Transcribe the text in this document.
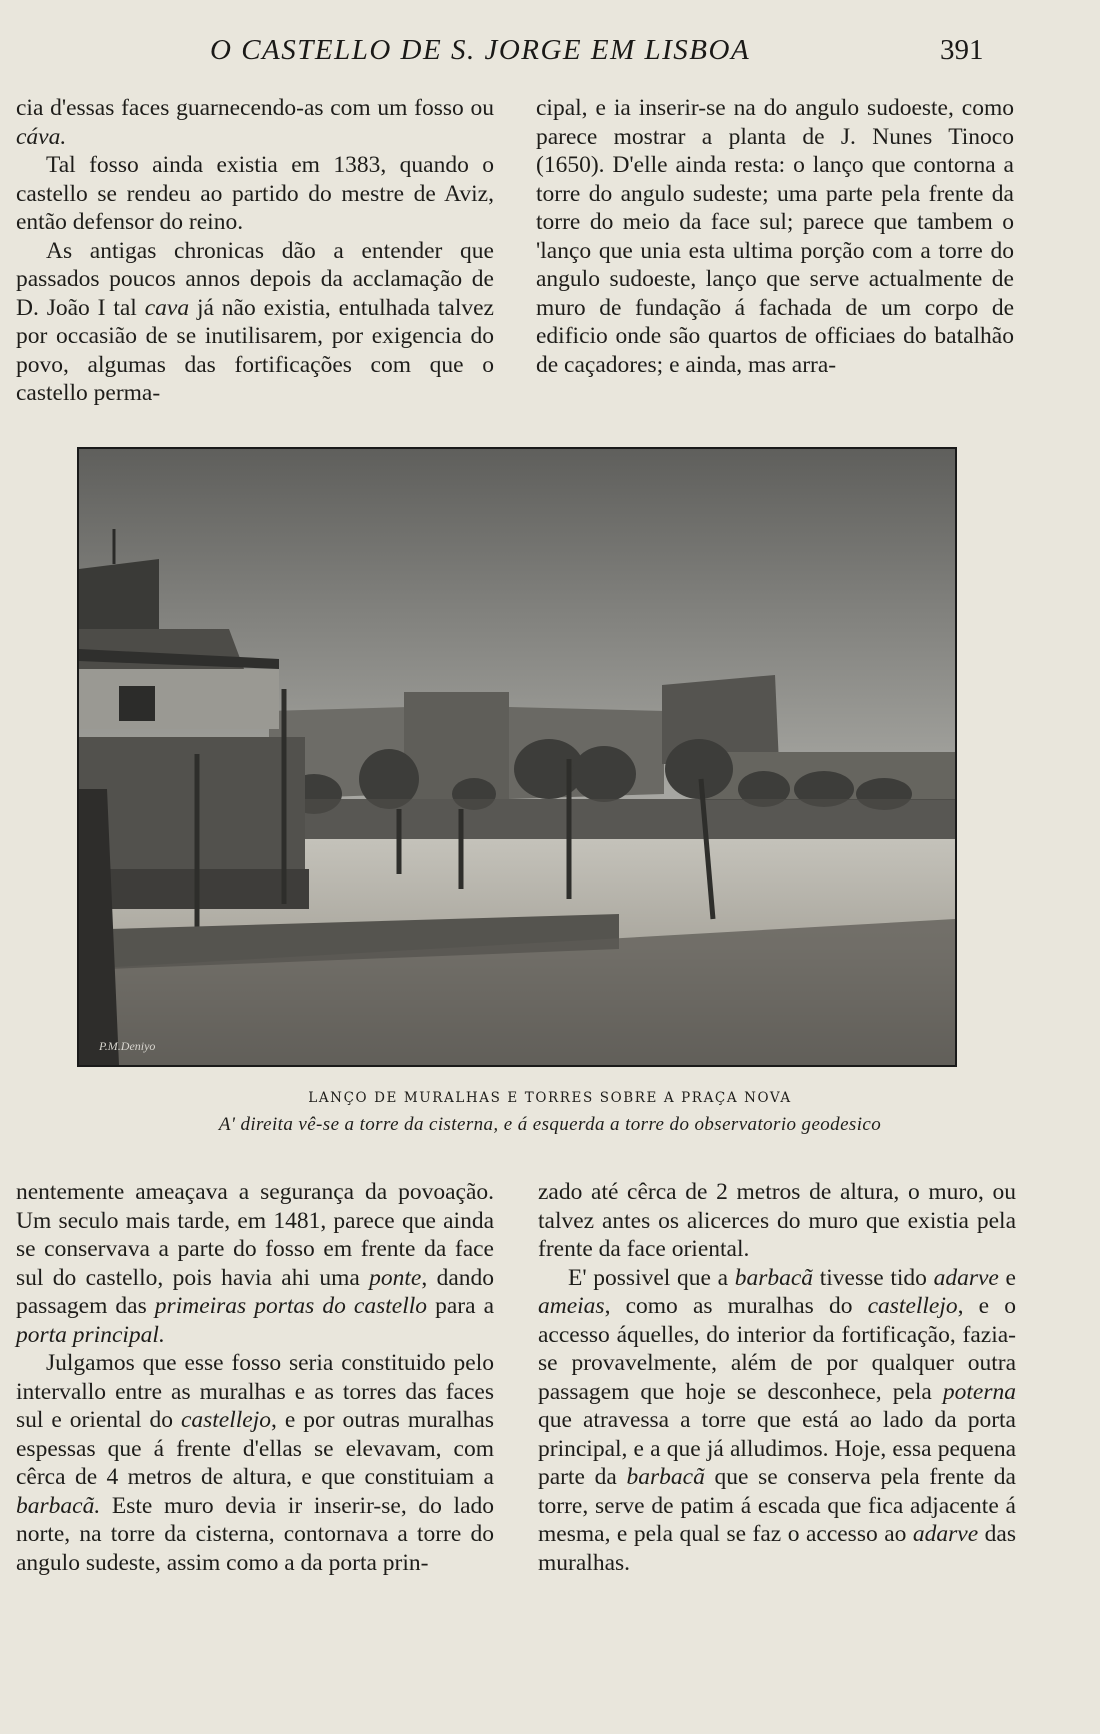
O CASTELLO DE S. JORGE EM LISBOA	391

cia d'essas faces guarnecendo-as com um fosso ou cáva.

Tal fosso ainda existia em 1383, quando o castello se rendeu ao partido do mestre de Aviz, então defensor do reino.

As antigas chronicas dão a entender que passados poucos annos depois da acclamação de D. João I tal cava já não existia, entulhada talvez por occasião de se inutilisarem, por exigencia do povo, algumas das fortificações com que o castello perma-

cipal, e ia inserir-se na do angulo sudoeste, como parece mostrar a planta de J. Nunes Tinoco (1650). D'elle ainda resta: o lanço que contorna a torre do angulo sudeste; uma parte pela frente da torre do meio da face sul; parece que tambem o 'lanço que unia esta ultima porção com a torre do angulo sudoeste, lanço que serve actualmente de muro de fundação á fachada de um corpo de edificio onde são quartos de officiaes do batalhão de caçadores; e ainda, mas arra-

P.M.Deniyo
LANÇO DE MURALHAS E TORRES SOBRE A PRAÇA NOVA
A' direita vê-se a torre da cisterna, e á esquerda a torre do observatorio geodesico

nentemente ameaçava a segurança da povoação. Um seculo mais tarde, em 1481, parece que ainda se conservava a parte do fosso em frente da face sul do castello, pois havia ahi uma ponte, dando passagem das primeiras portas do castello para a porta principal.

Julgamos que esse fosso seria constituido pelo intervallo entre as muralhas e as torres das faces sul e oriental do castellejo, e por outras muralhas espessas que á frente d'ellas se elevavam, com cêrca de 4 metros de altura, e que constituiam a barbacã. Este muro devia ir inserir-se, do lado norte, na torre da cisterna, contornava a torre do angulo sudeste, assim como a da porta prin-

zado até cêrca de 2 metros de altura, o muro, ou talvez antes os alicerces do muro que existia pela frente da face oriental.

E' possivel que a barbacã tivesse tido adarve e ameias, como as muralhas do castellejo, e o accesso áquelles, do interior da fortificação, fazia-se provavelmente, além de por qualquer outra passagem que hoje se desconhece, pela poterna que atravessa a torre que está ao lado da porta principal, e a que já alludimos. Hoje, essa pequena parte da barbacã que se conserva pela frente da torre, serve de patim á escada que fica adjacente á mesma, e pela qual se faz o accesso ao adarve das muralhas.
